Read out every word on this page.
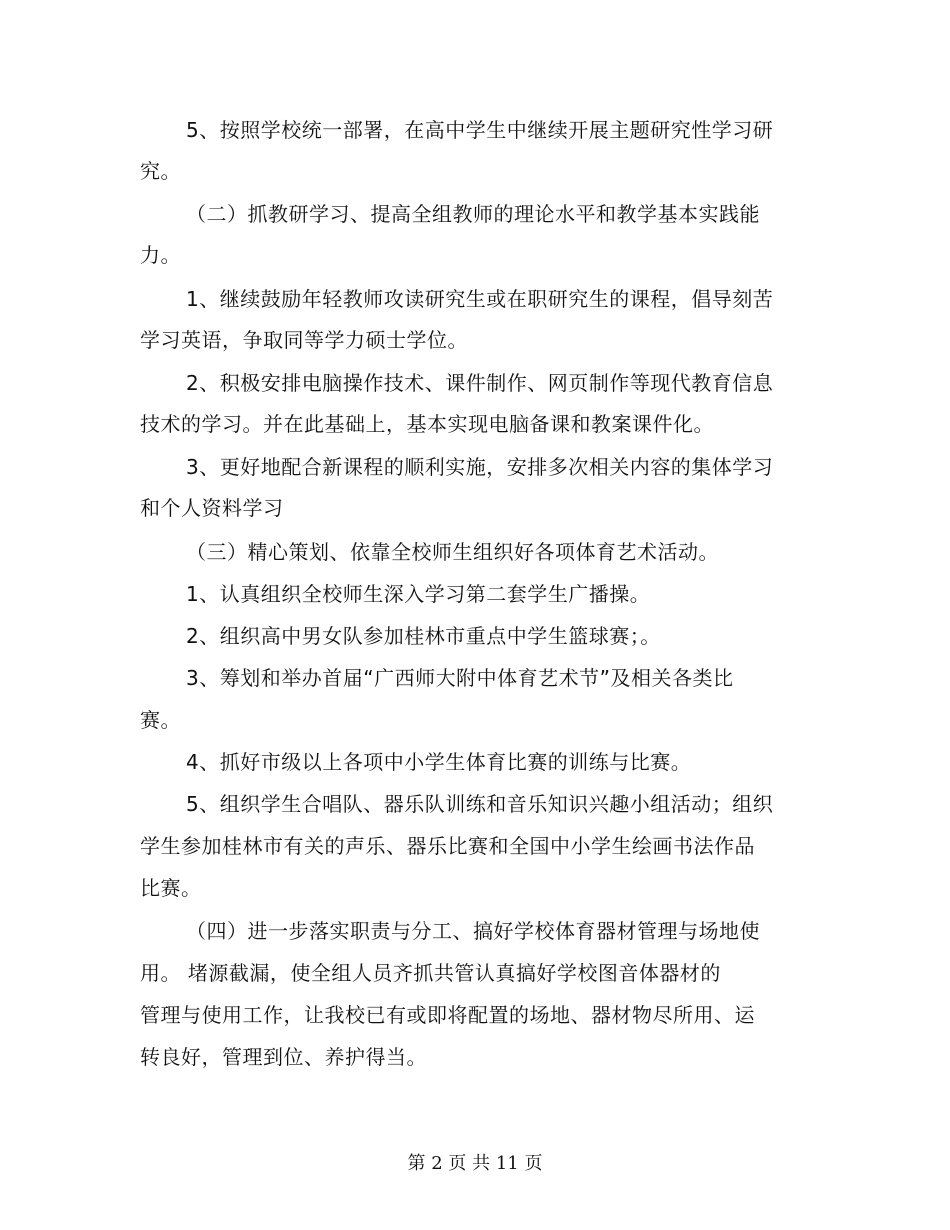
5、按照学校统一部署，在高中学生中继续开展主题研究性学习研
究。
（二）抓教研学习、提高全组教师的理论水平和教学基本实践能
力。
1、继续鼓励年轻教师攻读研究生或在职研究生的课程，倡导刻苦
学习英语，争取同等学力硕士学位。
2、积极安排电脑操作技术、课件制作、网页制作等现代教育信息
技术的学习。并在此基础上，基本实现电脑备课和教案课件化。
3、更好地配合新课程的顺利实施，安排多次相关内容的集体学习
和个人资料学习
（三）精心策划、依靠全校师生组织好各项体育艺术活动。
1、认真组织全校师生深入学习第二套学生广播操。
2、组织高中男女队参加桂林市重点中学生篮球赛；。
3、筹划和举办首届“广西师大附中体育艺术节”及相关各类比
赛。
4、抓好市级以上各项中小学生体育比赛的训练与比赛。
5、组织学生合唱队、器乐队训练和音乐知识兴趣小组活动；组织
学生参加桂林市有关的声乐、器乐比赛和全国中小学生绘画书法作品
比赛。
（四）进一步落实职责与分工、搞好学校体育器材管理与场地使
用。 堵源截漏，使全组人员齐抓共管认真搞好学校图音体器材的
管理与使用工作，让我校已有或即将配置的场地、器材物尽所用、运
转良好，管理到位、养护得当。
第 2 页 共 11 页
